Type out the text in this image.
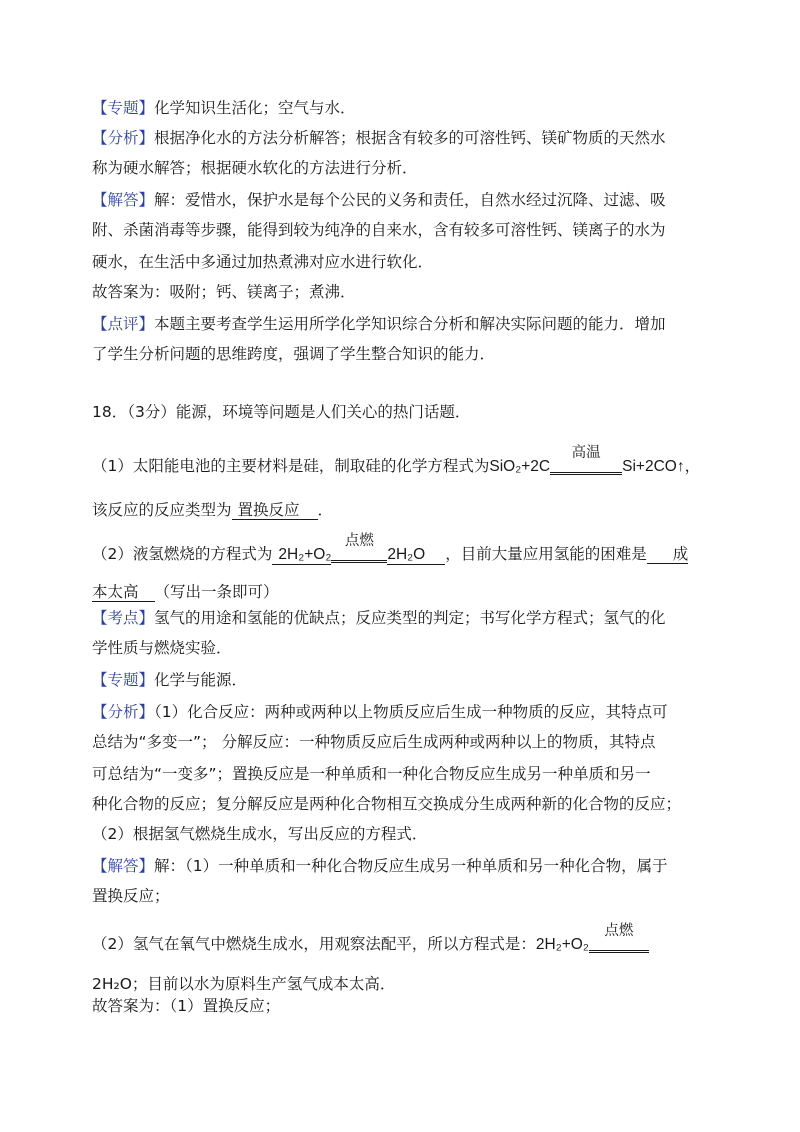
【专题】化学知识生活化；空气与水．
【分析】根据净化水的方法分析解答；根据含有较多的可溶性钙、镁矿物质的天然水
称为硬水解答；根据硬水软化的方法进行分析．
【解答】解：爱惜水，保护水是每个公民的义务和责任，自然水经过沉降、过滤、吸
附、杀菌消毒等步骤，能得到较为纯净的自来水，含有较多可溶性钙、镁离子的水为
硬水，在生活中多通过加热煮沸对应水进行软化．
故答案为：吸附；钙、镁离子；煮沸．
【点评】本题主要考查学生运用所学化学知识综合分析和解决实际问题的能力．增加
了学生分析问题的思维跨度，强调了学生整合知识的能力．
18．（3分）能源，环境等问题是人们关心的热门话题．
（1）太阳能电池的主要材料是硅，制取硅的化学方程式为SiO₂+2C
高温
Si+2CO↑，
该反应的反应类型为 置换反应 ．
（2）液氢燃烧的方程式为 2H₂+O₂
点燃
2H₂O ，目前大量应用氢能的困难是 成
本太高 （写出一条即可）
【考点】氢气的用途和氢能的优缺点；反应类型的判定；书写化学方程式；氢气的化
学性质与燃烧实验．
【专题】化学与能源．
【分析】（1）化合反应：两种或两种以上物质反应后生成一种物质的反应，其特点可
总结为“多变一”； 分解反应：一种物质反应后生成两种或两种以上的物质，其特点
可总结为“一变多”；置换反应是一种单质和一种化合物反应生成另一种单质和另一
种化合物的反应；复分解反应是两种化合物相互交换成分生成两种新的化合物的反应；
（2）根据氢气燃烧生成水，写出反应的方程式．
【解答】解：（1）一种单质和一种化合物反应生成另一种单质和另一种化合物，属于
置换反应；
（2）氢气在氧气中燃烧生成水，用观察法配平，所以方程式是：2H₂+O₂
点燃
2H₂O；目前以水为原料生产氢气成本太高．
故答案为：（1）置换反应；
